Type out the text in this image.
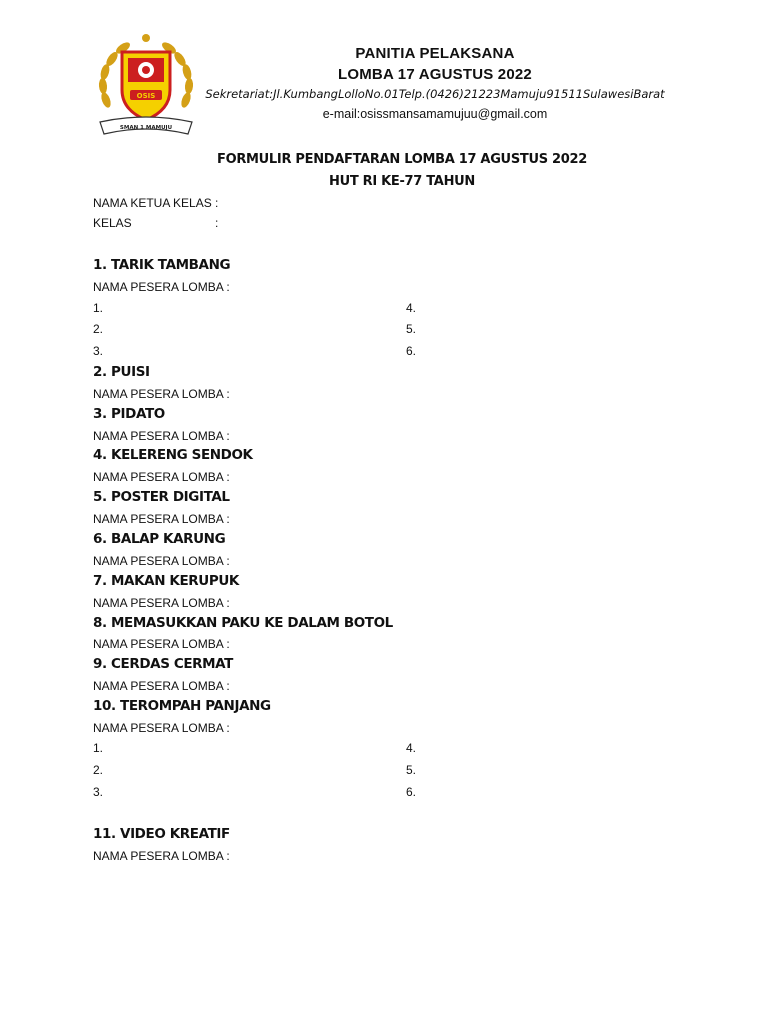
OSIS
SMAN 1 MAMUJU
PANITIA PELAKSANA
LOMBA 17 AGUSTUS 2022
Sekretariat:Jl.KumbangLolloNo.01Telp.(0426)21223Mamuju91511SulawesiBarat
e-mail:osissmansamamujuu@gmail.com
FORMULIR PENDAFTARAN LOMBA 17 AGUSTUS 2022
HUT RI KE-77 TAHUN
NAMA KETUA KELAS :
KELAS	:
1. TARIK TAMBANG
NAMA PESERA LOMBA :
1.	4.
2.	5.
3.	6.
2. PUISI
NAMA PESERA LOMBA :
3. PIDATO
NAMA PESERA LOMBA :
4. KELERENG SENDOK
NAMA PESERA LOMBA :
5. POSTER DIGITAL
NAMA PESERA LOMBA :
6. BALAP KARUNG
NAMA PESERA LOMBA :
7. MAKAN KERUPUK
NAMA PESERA LOMBA :
8. MEMASUKKAN PAKU KE DALAM BOTOL
NAMA PESERA LOMBA :
9. CERDAS CERMAT
NAMA PESERA LOMBA :
10. TEROMPAH PANJANG
NAMA PESERA LOMBA :
1.	4.
2.	5.
3.	6.
11. VIDEO KREATIF
NAMA PESERA LOMBA :
